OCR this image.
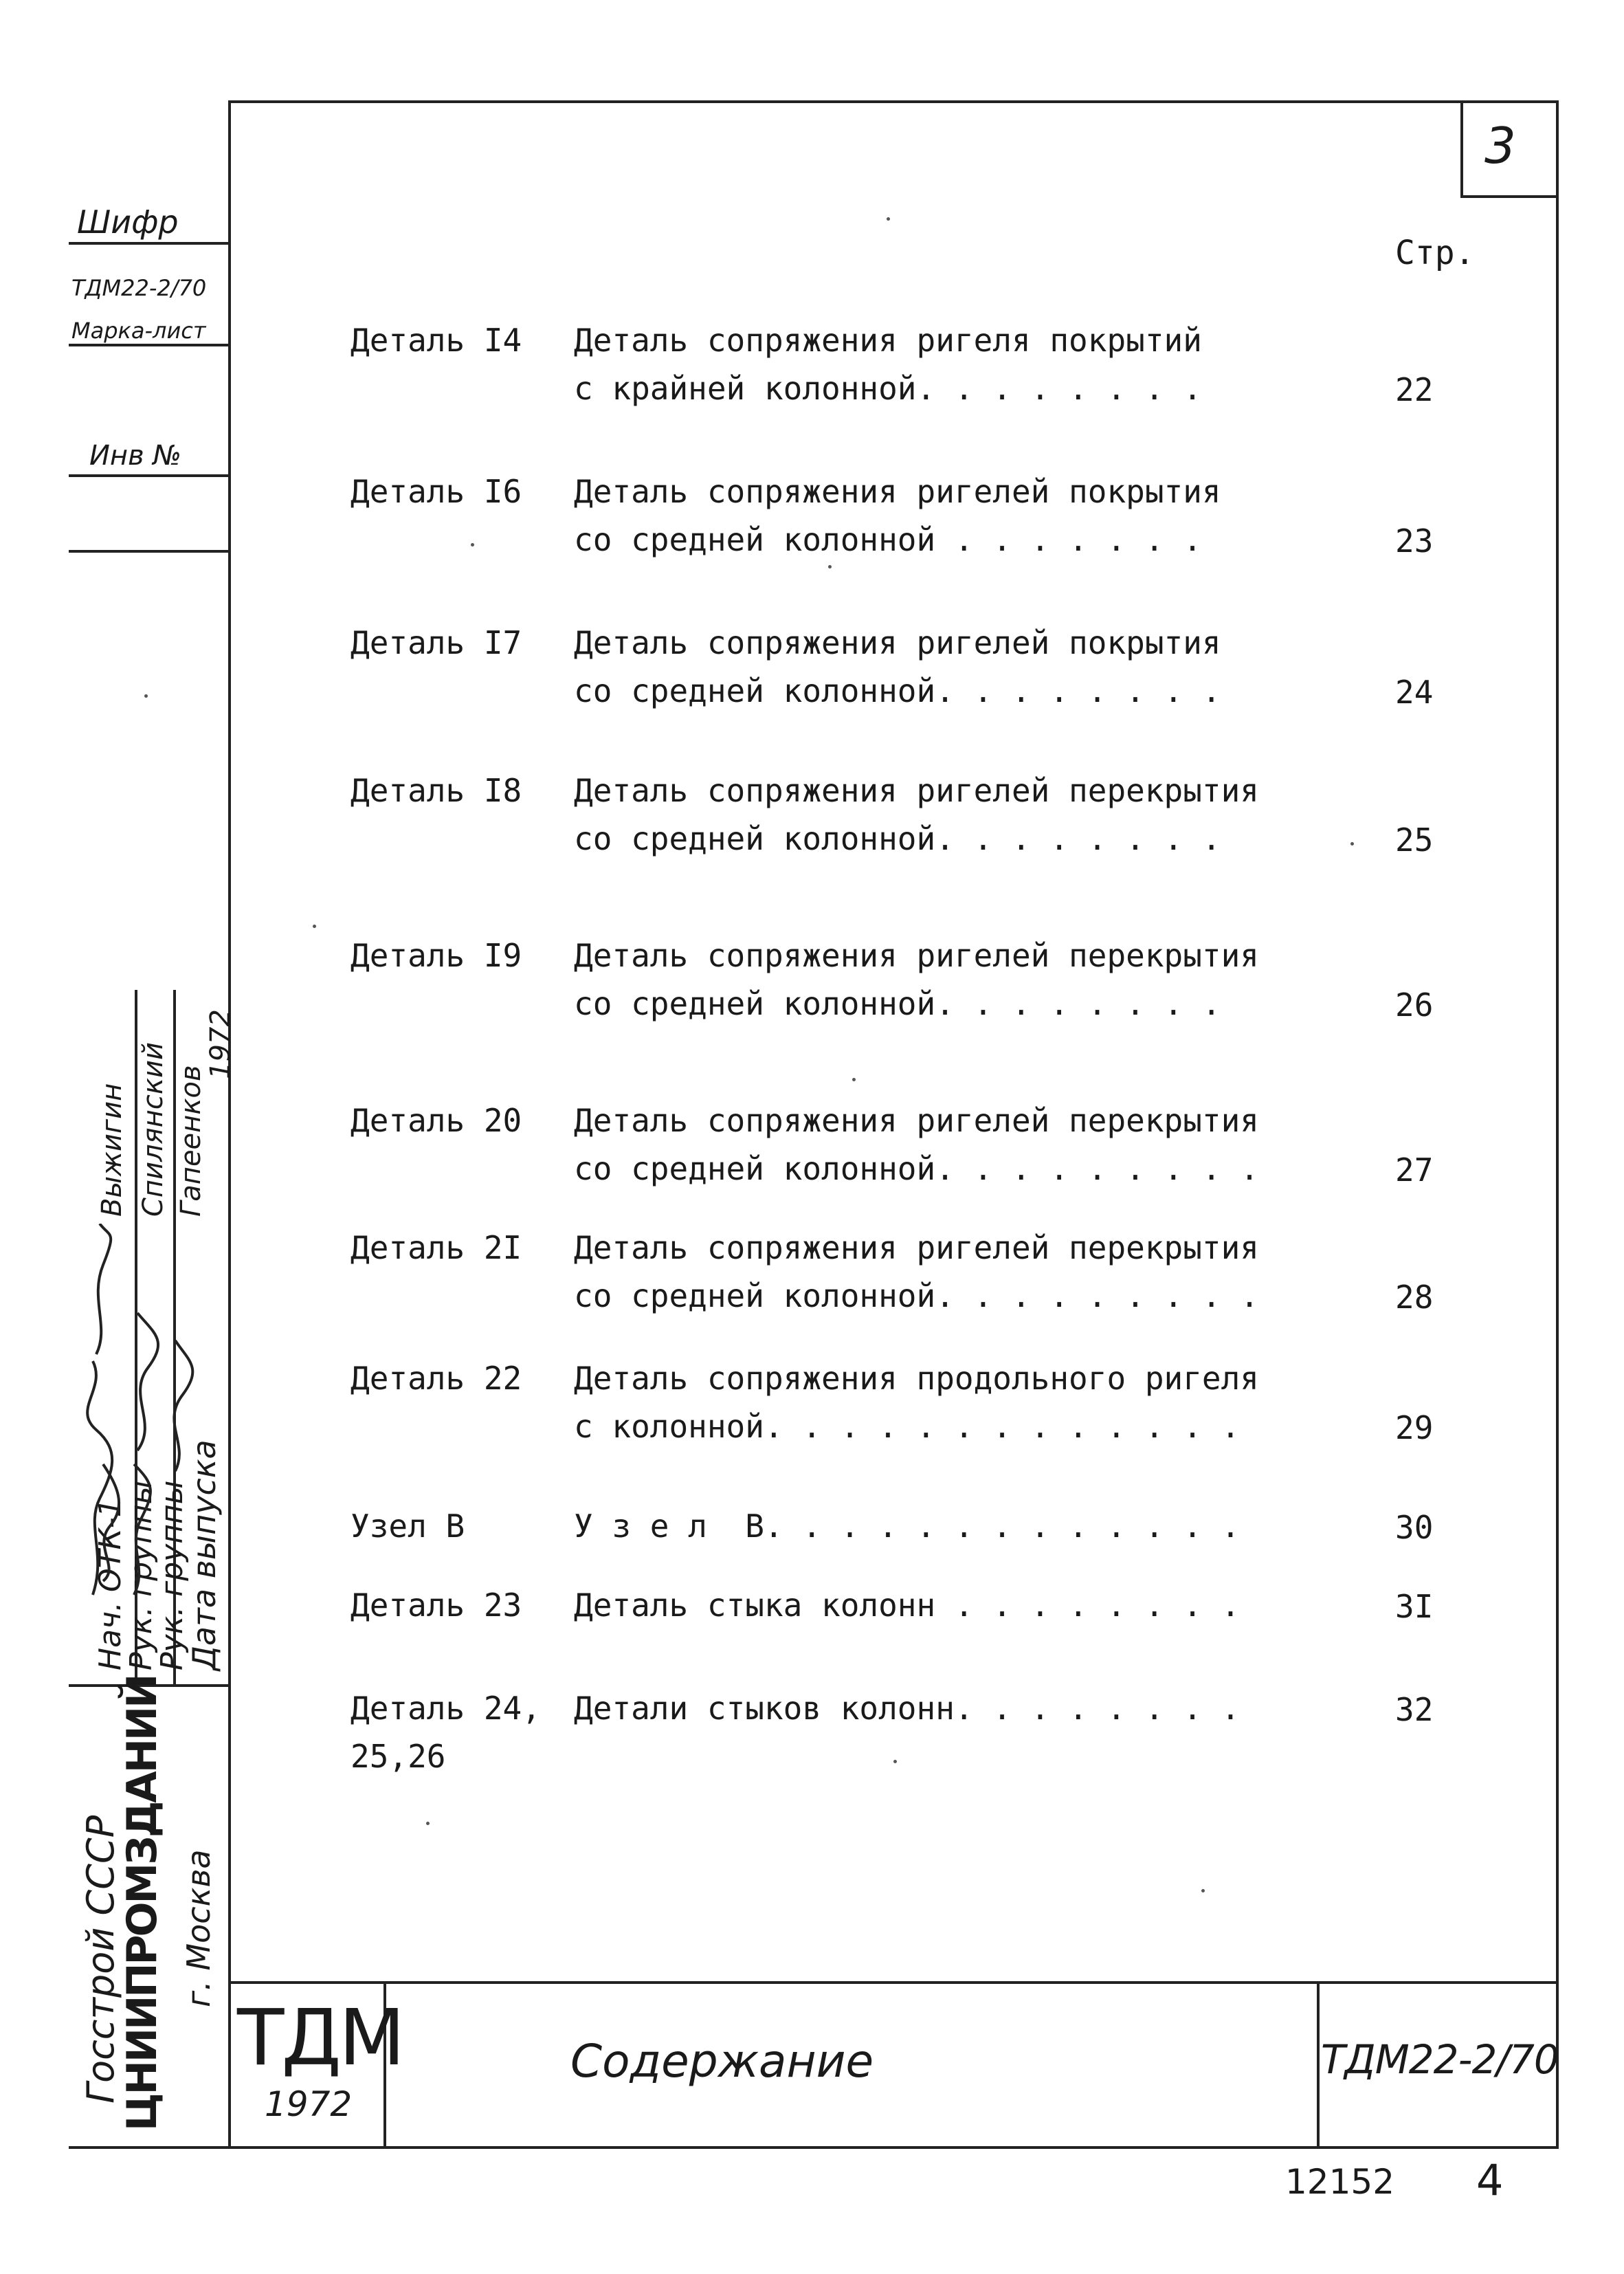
3
Стр.
Деталь I4	Деталь сопряжения ригеля покрытий
с крайней колонной. . . . . . . .	22
Деталь I6	Деталь сопряжения ригелей покрытия
со средней колонной . . . . . . .	23
Деталь I7	Деталь сопряжения ригелей покрытия
со средней колонной. . . . . . . .	24
Деталь I8	Деталь сопряжения ригелей перекрытия
со средней колонной. . . . . . . .	25
Деталь I9	Деталь сопряжения ригелей перекрытия
со средней колонной. . . . . . . .	26
Деталь 20	Деталь сопряжения ригелей перекрытия
со средней колонной. . . . . . . . .	27
Деталь 2I	Деталь сопряжения ригелей перекрытия
со средней колонной. . . . . . . . .	28
Деталь 22	Деталь сопряжения продольного ригеля
с колонной. . . . . . . . . . . . .	29
Узел В	У з е л  В. . . . . . . . . . . . .	30
Деталь 23	Деталь стыка колонн . . . . . . . .	3I
Деталь 24,
25,26
Детали стыков колонн. . . . . . . .	32
Шифр
ТДМ22-2/70
Марка-лист
Инв №
Нач. ОТК-1
Рук. группы
Рук. группы
Дата выпуска
Выжигин Спилянский Гапеенков
1972
Госстрой СССР
ЦНИИПРОМЗДАНИЙ г. Москва
ТДМ
1972
Содержание	ТДМ22-2/70
12152 4
